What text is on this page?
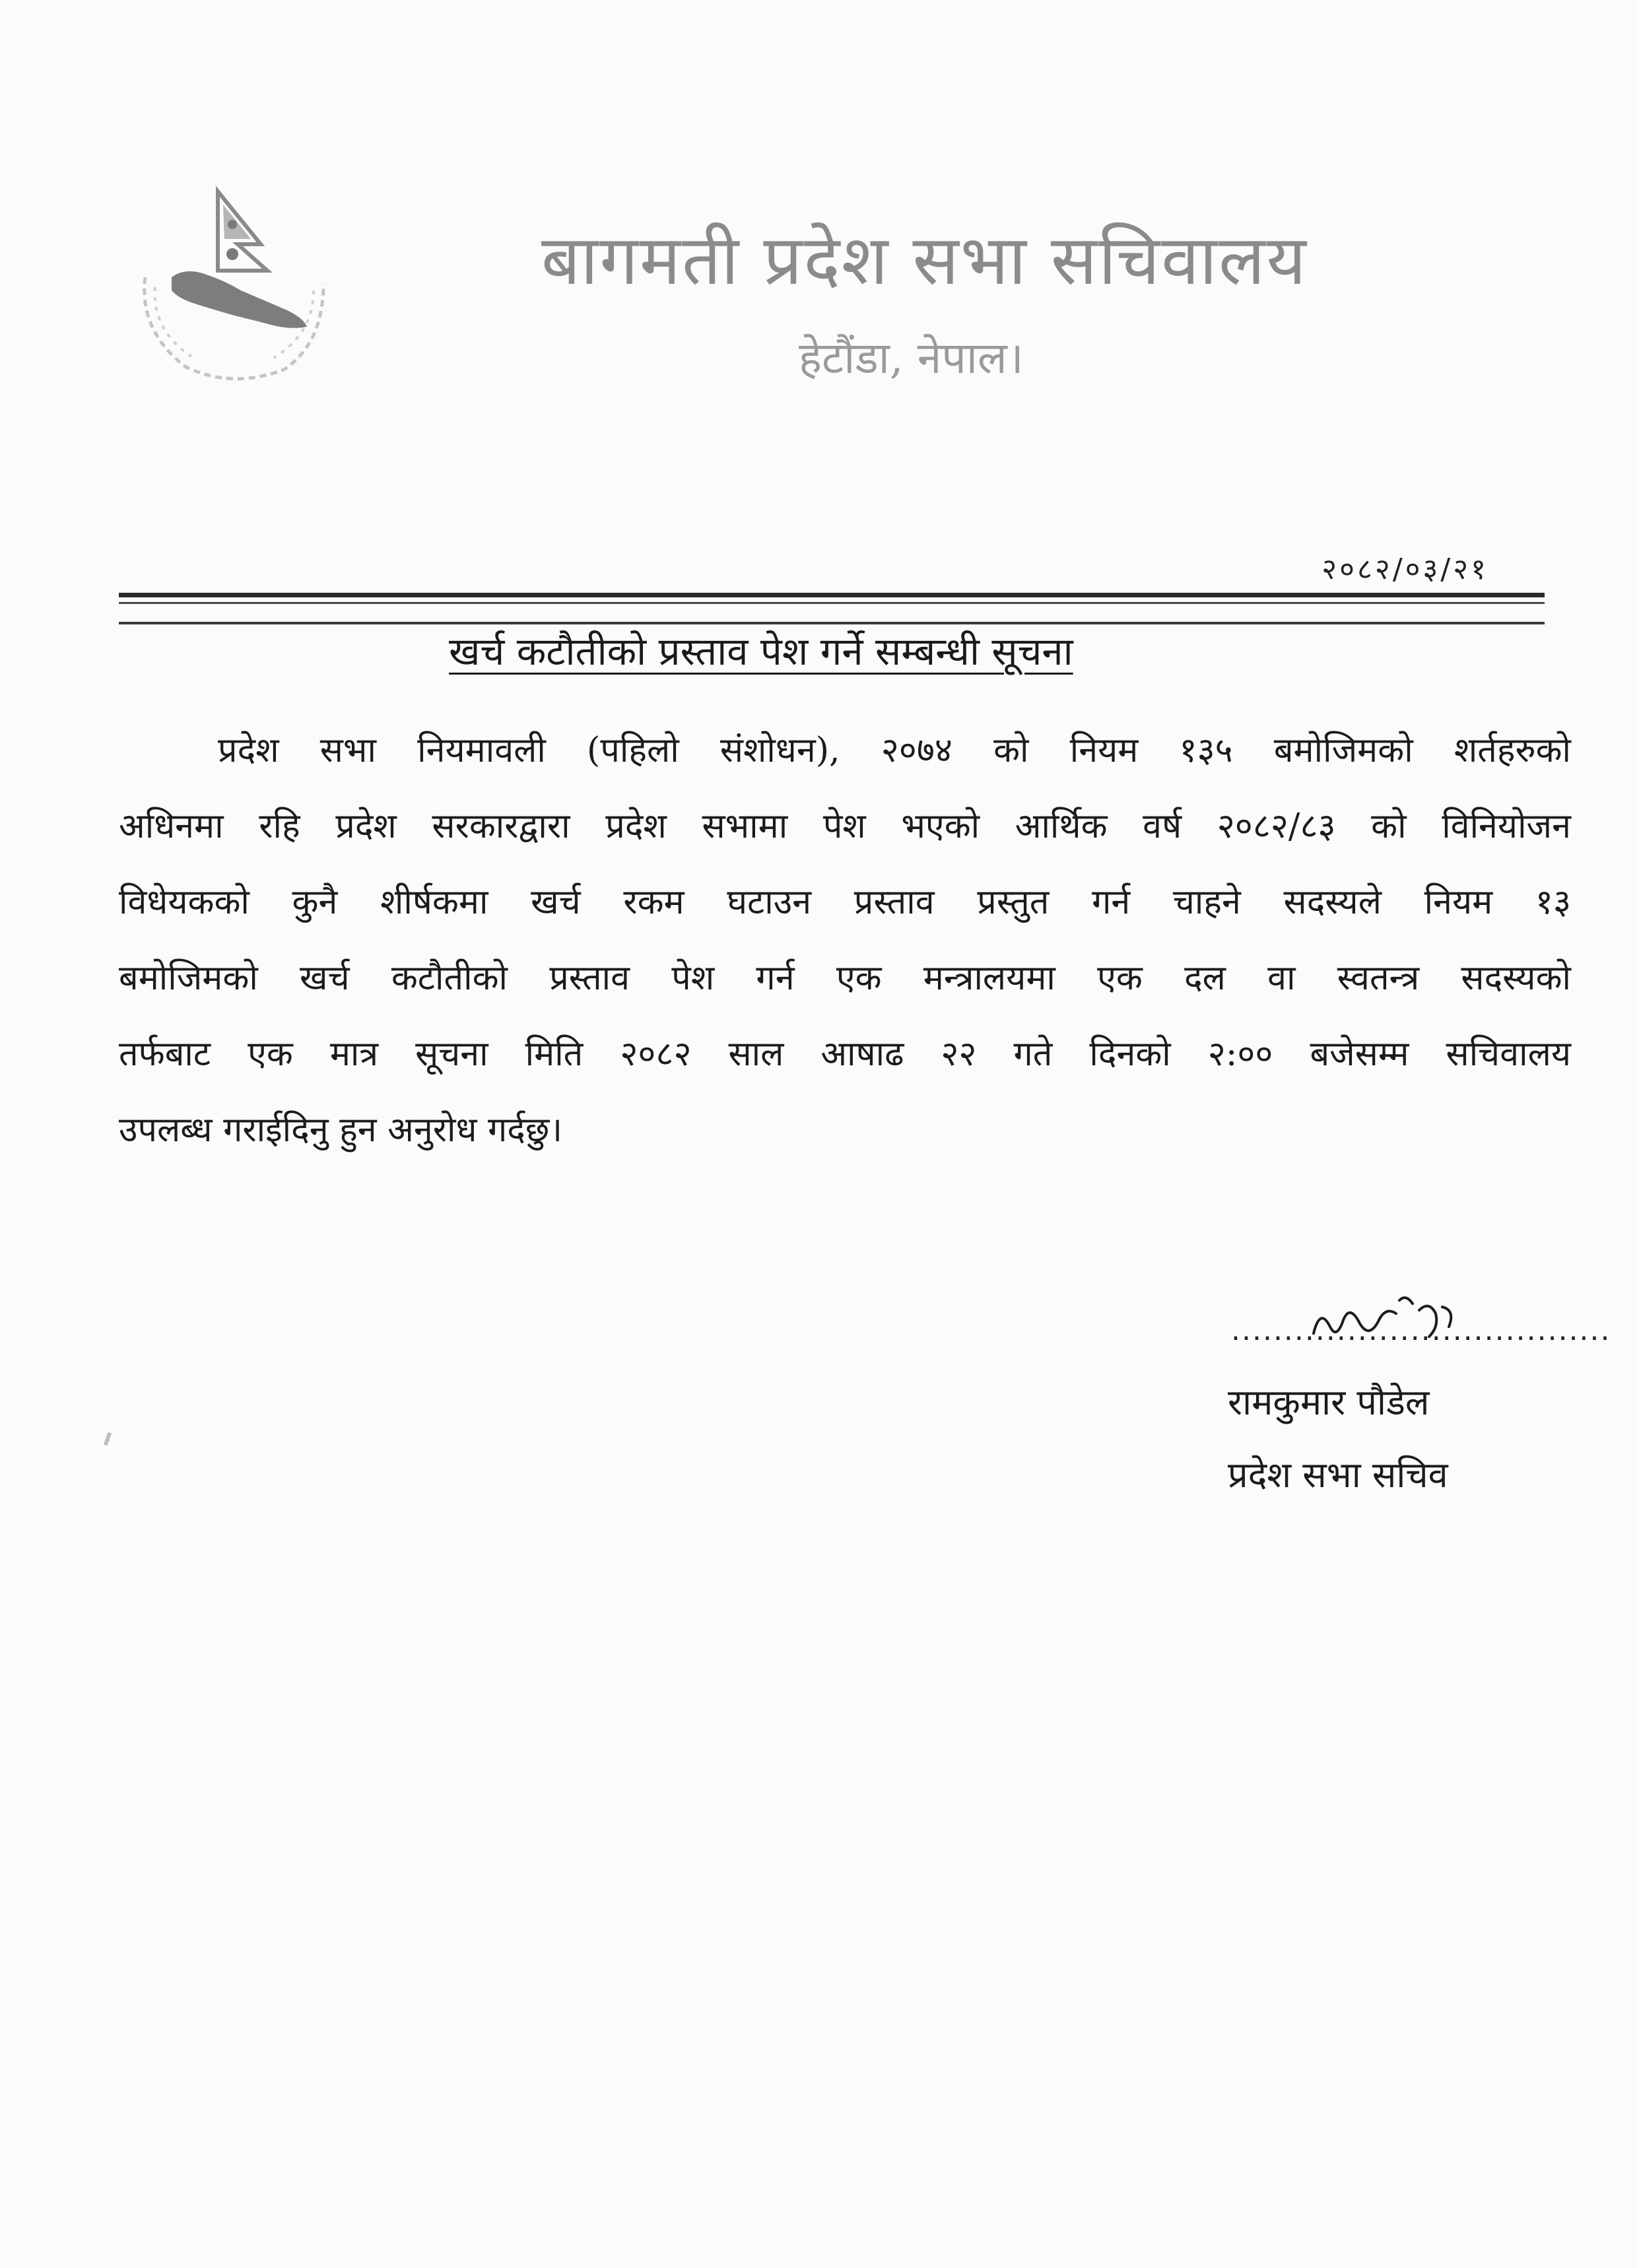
बागमती प्रदेश सभा सचिवालय
हेटौंडा, नेपाल।
२०८२/०३/२१
खर्च कटौतीको प्रस्ताव पेश गर्ने सम्बन्धी सूचना
प्रदेश सभा नियमावली (पहिलो संशोधन), २०७४ को नियम १३५ बमोजिमको शर्तहरुको
अधिनमा रहि प्रदेश सरकारद्वारा प्रदेश सभामा पेश भएको आर्थिक वर्ष २०८२/८३ को विनियोजन
विधेयकको कुनै शीर्षकमा खर्च रकम घटाउन प्रस्ताव प्रस्तुत गर्न चाहने सदस्यले नियम १३
बमोजिमको खर्च कटौतीको प्रस्ताव पेश गर्न एक मन्त्रालयमा एक दल वा स्वतन्त्र सदस्यको
तर्फबाट एक मात्र सूचना मिति २०८२ साल आषाढ २२ गते दिनको २:०० बजेसम्म सचिवालय
उपलब्ध गराईदिनु हुन अनुरोध गर्दछु।
....................................
रामकुमार पौडेल
प्रदेश सभा सचिव
